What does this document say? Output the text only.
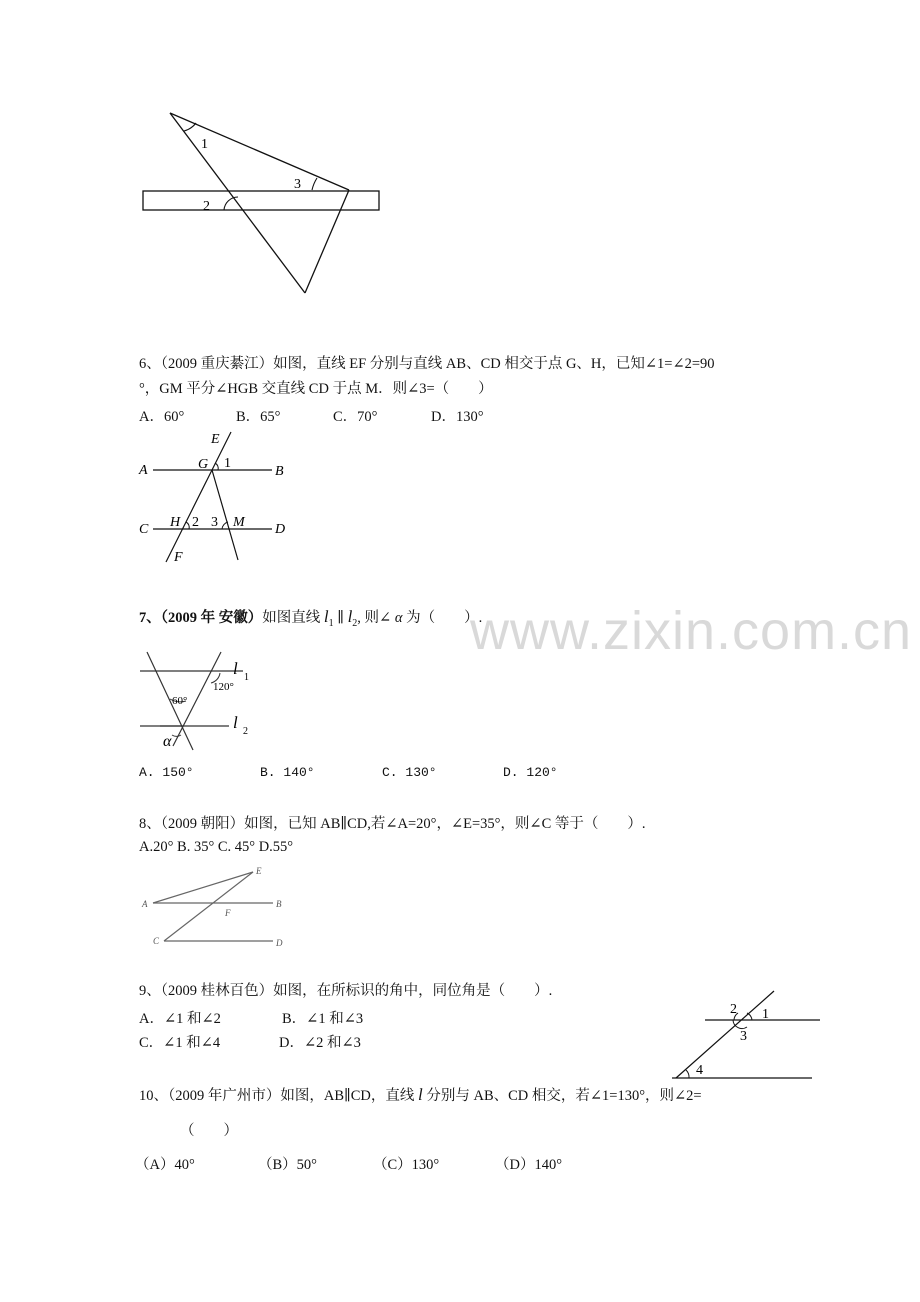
www.zixin.com.cn
1
2
3
6、（2009 重庆綦江）如图，直线 EF 分别与直线 AB、CD 相交于点 G、H，已知∠1=∠2=90
°，GM 平分∠HGB 交直线 CD 于点 M．则∠3=（　　）
A．60°	B．65°	C．70°	D．130°
E
A	G 1
B
C H 2 3 M D
F
7、（2009 年 安徽）如图直线 $l_1$ ∥ $l_2$, 则∠ α 为（　　）.
l 1
l 2
60°
120°
α
A. 150°	B. 140°	C. 130°	D. 120°
8、（2009 朝阳）如图，已知 AB∥CD,若∠A=20°，∠E=35°，则∠C 等于（　　）.
A.20° B. 35° C. 45° D.55°
E
A	B
F
C	D
9、（2009 桂林百色）如图，在所标识的角中，同位角是（　　）.
A．∠1 和∠2	B．∠1 和∠3
C．∠1 和∠4	D．∠2 和∠3
2 1
3
4
10、（2009 年广州市）如图，AB∥CD，直线 l 分别与 AB、CD 相交，若∠1=130°，则∠2=
（　　）
（A）40°	（B）50°	（C）130°	（D）140°
